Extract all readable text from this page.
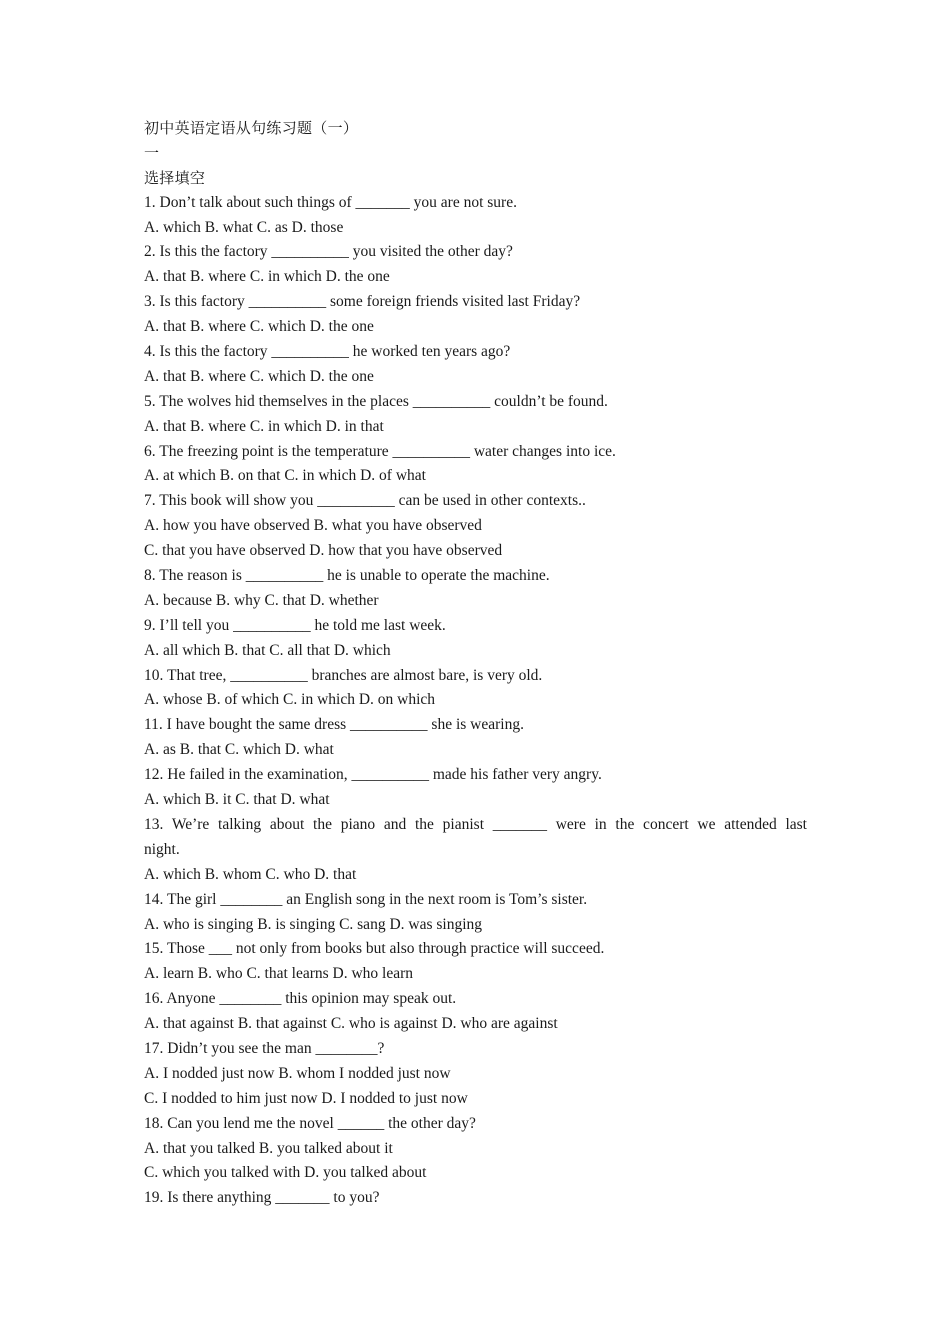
初中英语定语从句练习题（一）
一
选择填空
1. Don’t talk about such things of _______ you are not sure.
A. which B. what C. as D. those
2. Is this the factory __________ you visited the other day?
A. that B. where C. in which D. the one
3. Is this factory __________ some foreign friends visited last Friday?
A. that B. where C. which D. the one
4. Is this the factory __________ he worked ten years ago?
A. that B. where C. which D. the one
5. The wolves hid themselves in the places __________ couldn’t be found.
A. that B. where C. in which D. in that
6. The freezing point is the temperature __________ water changes into ice.
A. at which B. on that C. in which D. of what
7. This book will show you __________ can be used in other contexts..
A. how you have observed B. what you have observed
C. that you have observed D. how that you have observed
8. The reason is __________ he is unable to operate the machine.
A. because B. why C. that D. whether
9. I’ll tell you __________ he told me last week.
A. all which B. that C. all that D. which
10. That tree, __________ branches are almost bare, is very old.
A. whose B. of which C. in which D. on which
11. I have bought the same dress __________ she is wearing.
A. as B. that C. which D. what
12. He failed in the examination, __________ made his father very angry.
A. which B. it C. that D. what
13. We’re talking about the piano and the pianist _______ were in the concert we attended last
night.
A. which B. whom C. who D. that
14. The girl ________ an English song in the next room is Tom’s sister.
A. who is singing B. is singing C. sang D. was singing
15. Those ___ not only from books but also through practice will succeed.
A. learn B. who C. that learns D. who learn
16. Anyone ________ this opinion may speak out.
A. that against B. that against C. who is against D. who are against
17. Didn’t you see the man ________?
A. I nodded just now B. whom I nodded just now
C. I nodded to him just now D. I nodded to just now
18. Can you lend me the novel ______ the other day?
A. that you talked B. you talked about it
C. which you talked with D. you talked about
19. Is there anything _______ to you?
